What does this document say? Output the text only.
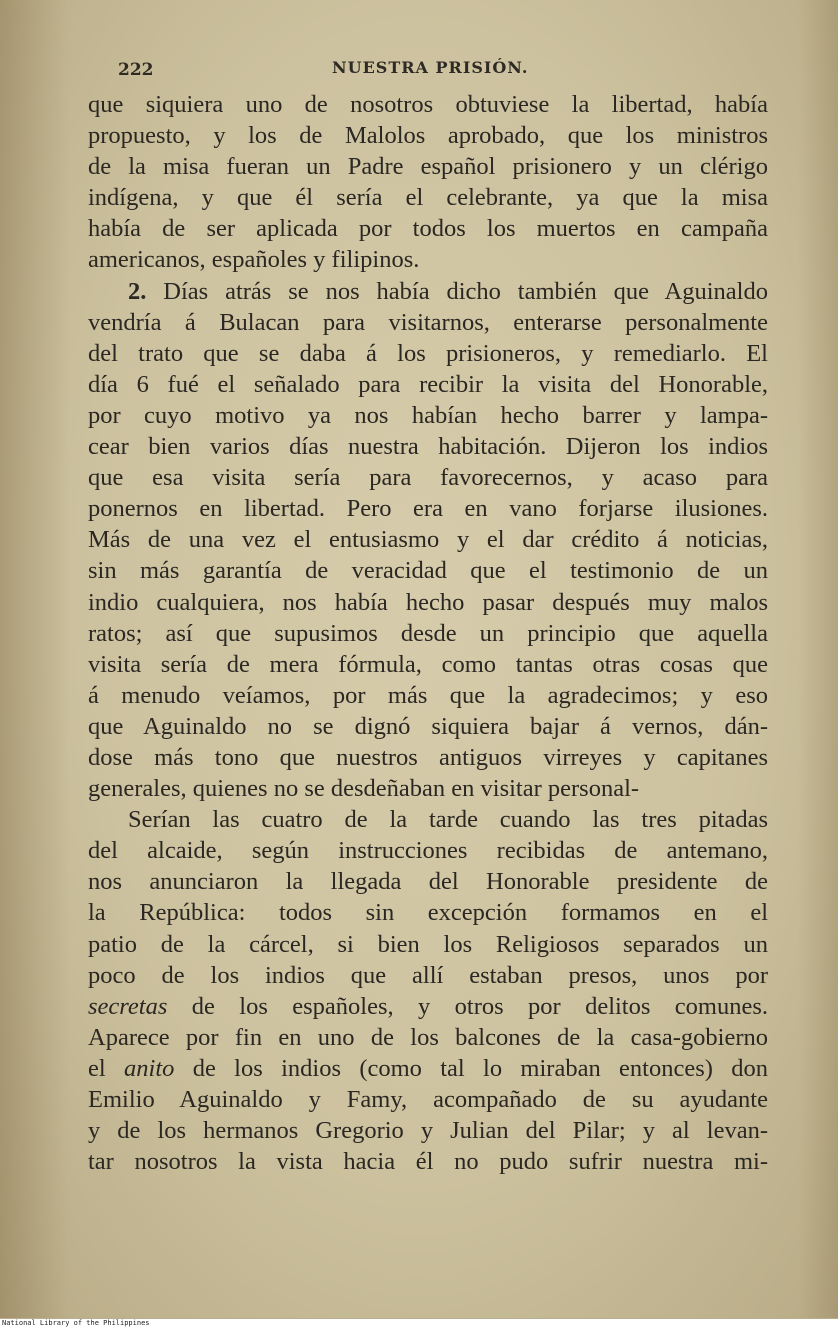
222	NUESTRA PRISIÓN.
que siquiera uno de nosotros obtuviese la libertad, había
propuesto, y los de Malolos aprobado, que los ministros
de la misa fueran un Padre español prisionero y un clérigo
indígena, y que él sería el celebrante, ya que la misa
había de ser aplicada por todos los muertos en campaña
americanos, españoles y filipinos.
2. Días atrás se nos había dicho también que Aguinaldo
vendría á Bulacan para visitarnos, enterarse personalmente
del trato que se daba á los prisioneros, y remediarlo. El
día 6 fué el señalado para recibir la visita del Honorable,
por cuyo motivo ya nos habían hecho barrer y lampa-
cear bien varios días nuestra habitación. Dijeron los indios
que esa visita sería para favorecernos, y acaso para
ponernos en libertad. Pero era en vano forjarse ilusiones.
Más de una vez el entusiasmo y el dar crédito á noticias,
sin más garantía de veracidad que el testimonio de un
indio cualquiera, nos había hecho pasar después muy malos
ratos; así que supusimos desde un principio que aquella
visita sería de mera fórmula, como tantas otras cosas que
á menudo veíamos, por más que la agradecimos; y eso
que Aguinaldo no se dignó siquiera bajar á vernos, dán-
dose más tono que nuestros antiguos virreyes y capitanes
generales, quienes no se desdeñaban en visitar personal-
Serían las cuatro de la tarde cuando las tres pitadas
del alcaide, según instrucciones recibidas de antemano,
nos anunciaron la llegada del Honorable presidente de
la República: todos sin excepción formamos en el
patio de la cárcel, si bien los Religiosos separados un
poco de los indios que allí estaban presos, unos por
secretas de los españoles, y otros por delitos comunes.
Aparece por fin en uno de los balcones de la casa-gobierno
el anito de los indios (como tal lo miraban entonces) don
Emilio Aguinaldo y Famy, acompañado de su ayudante
y de los hermanos Gregorio y Julian del Pilar; y al levan-
tar nosotros la vista hacia él no pudo sufrir nuestra mi-
National Library of the Philippines
